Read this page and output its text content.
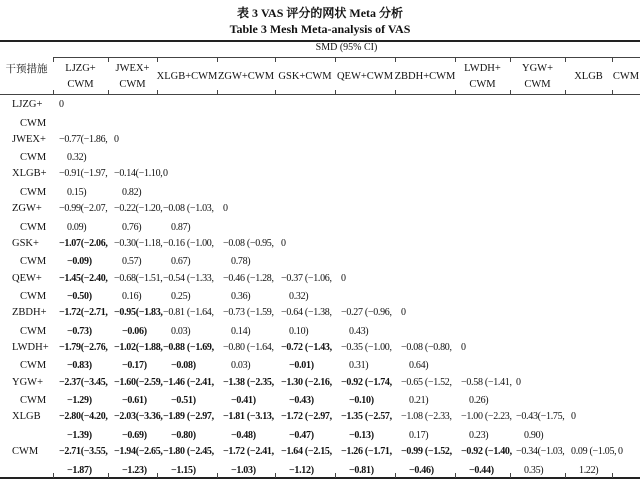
表 3 VAS 评分的网状 Meta 分析
Table 3 Mesh Meta-analysis of VAS
SMD (95% CI)
干预措施	LJZG+
CWM
JWEX+
CWM
XLGB+CWM ZGW+CWM GSK+CWM QEW+CWM ZBDH+CWM
LWDH+
CWM
YGW+
CWM
XLGB CWM
LJZG+
CWM
0
JWEX+
CWM
−0.77(−1.86,
0.32)
0
XLGB+
CWM
−0.91(−1.97,
0.15)
−0.14(−1.10,
0.82)
0
ZGW+
CWM
−0.99(−2.07,
0.09)
−0.22(−1.20,
0.76)
−0.08 (−1.03,
0.87)
0
GSK+
CWM
−1.07(−2.06,
−0.09)
−0.30(−1.18,
0.57)
−0.16 (−1.00,
0.67)
−0.08 (−0.95,
0.78)
0
QEW+
CWM
−1.45(−2.40,
−0.50)
−0.68(−1.51,
0.16)
−0.54 (−1.33,
0.25)
−0.46 (−1.28,
0.36)
−0.37 (−1.06,
0.32)
0
ZBDH+
CWM
−1.72(−2.71,
−0.73)
−0.95(−1.83,
−0.06)
−0.81 (−1.64,
0.03)
−0.73 (−1.59,
0.14)
−0.64 (−1.38,
0.10)
−0.27 (−0.96,
0.43)
0
LWDH+
CWM
−1.79(−2.76,
−0.83)
−1.02(−1.88,
−0.17)
−0.88 (−1.69,
−0.08)
−0.80 (−1.64,
0.03)
−0.72 (−1.43,
−0.01)
−0.35 (−1.00,
0.31)
−0.08 (−0.80,
0.64)
0
YGW+
CWM
−2.37(−3.45,
−1.29)
−1.60(−2.59,
−0.61)
−1.46 (−2.41,
−0.51)
−1.38 (−2.35,
−0.41)
−1.30 (−2.16,
−0.43)
−0.92 (−1.74,
−0.10)
−0.65 (−1.52,
0.21)
−0.58 (−1.41,
0.26)
0
XLGB −2.80(−4.20,
−1.39)
−2.03(−3.36,
−0.69)
−1.89 (−2.97,
−0.80)
−1.81 (−3.13,
−0.48)
−1.72 (−2.97,
−0.47)
−1.35 (−2.57,
−0.13)
−1.08 (−2.33,
0.17)
−1.00 (−2.23,
0.23)
−0.43(−1.75,
0.90)
0
CWM −2.71(−3.55,
−1.87)
−1.94(−2.65,
−1.23)
−1.80 (−2.45,
−1.15)
−1.72 (−2.41,
−1.03)
−1.64 (−2.15,
−1.12)
−1.26 (−1.71,
−0.81)
−0.99 (−1.52,
−0.46)
−0.92 (−1.40,
−0.44)
−0.34(−1.03,
0.35)
0.09 (−1.05,
1.22)
0
